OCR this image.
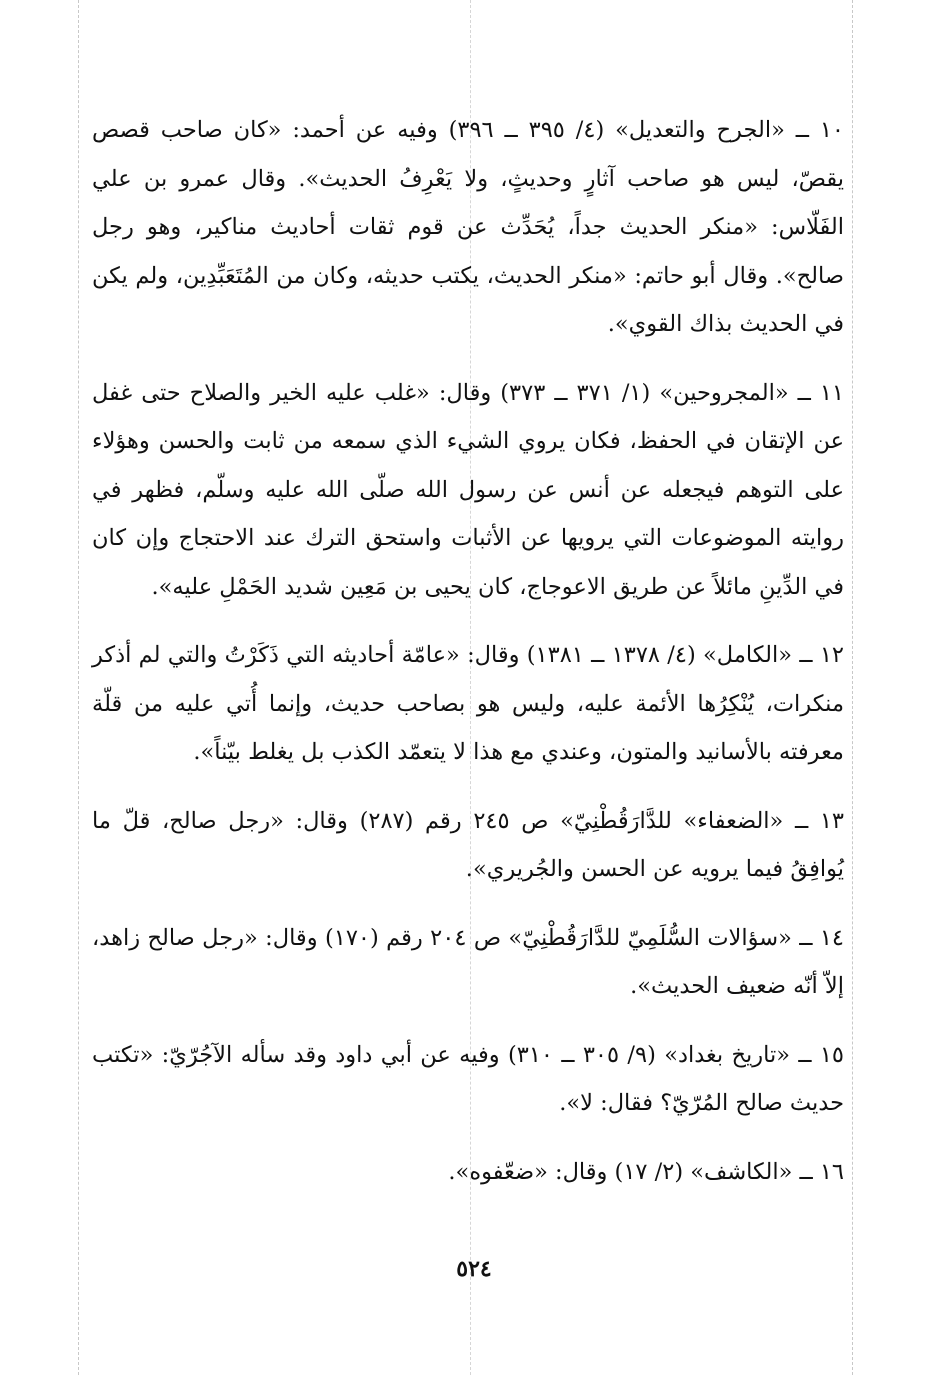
١٠ ــ «الجرح والتعديل» (٤/ ٣٩٥ ــ ٣٩٦) وفيه عن أحمد: «كان صاحب قصص يقصّ، ليس هو صاحب آثارٍ وحديثٍ، ولا يَعْرِفُ الحديث». وقال عمرو بن علي الفَلّاس: «منكر الحديث جداً، يُحَدِّث عن قوم ثقات أحاديث مناكير، وهو رجل صالح». وقال أبو حاتم: «منكر الحديث، يكتب حديثه، وكان من المُتَعَبِّدِين، ولم يكن في الحديث بذاك القوي».

١١ ــ «المجروحين» (١/ ٣٧١ ــ ٣٧٣) وقال: «غلب عليه الخير والصلاح حتى غفل عن الإتقان في الحفظ، فكان يروي الشيء الذي سمعه من ثابت والحسن وهؤلاء على التوهم فيجعله عن أنس عن رسول الله صلّى الله عليه وسلّم، فظهر في روايته الموضوعات التي يرويها عن الأثبات واستحق الترك عند الاحتجاج وإن كان في الدِّينِ مائلاً عن طريق الاعوجاج، كان يحيى بن مَعِين شديد الحَمْلِ عليه».

١٢ ــ «الكامل» (٤/ ١٣٧٨ ــ ١٣٨١) وقال: «عامّة أحاديثه التي ذَكَرْتُ والتي لم أذكر منكرات، يُنْكِرُها الأئمة عليه، وليس هو بصاحب حديث، وإنما أُتي عليه من قلّة معرفته بالأسانيد والمتون، وعندي مع هذا لا يتعمّد الكذب بل يغلط بيّناً».

١٣ ــ «الضعفاء» للدَّارَقُطْنِيّ» ص ٢٤٥ رقم (٢٨٧) وقال: «رجل صالح، قلّ ما يُوافِقُ فيما يرويه عن الحسن والجُريري».

١٤ ــ «سؤالات السُّلَمِيّ للدَّارَقُطْنِيّ» ص ٢٠٤ رقم (١٧٠) وقال: «رجل صالح زاهد، إلاّ أنّه ضعيف الحديث».

١٥ ــ «تاريخ بغداد» (٩/ ٣٠٥ ــ ٣١٠) وفيه عن أبي داود وقد سأله الآجُرّيّ: «تكتب حديث صالح المُرّيّ؟ فقال: لا».

١٦ ــ «الكاشف» (٢/ ١٧) وقال: «ضعّفوه».

٥٢٤
